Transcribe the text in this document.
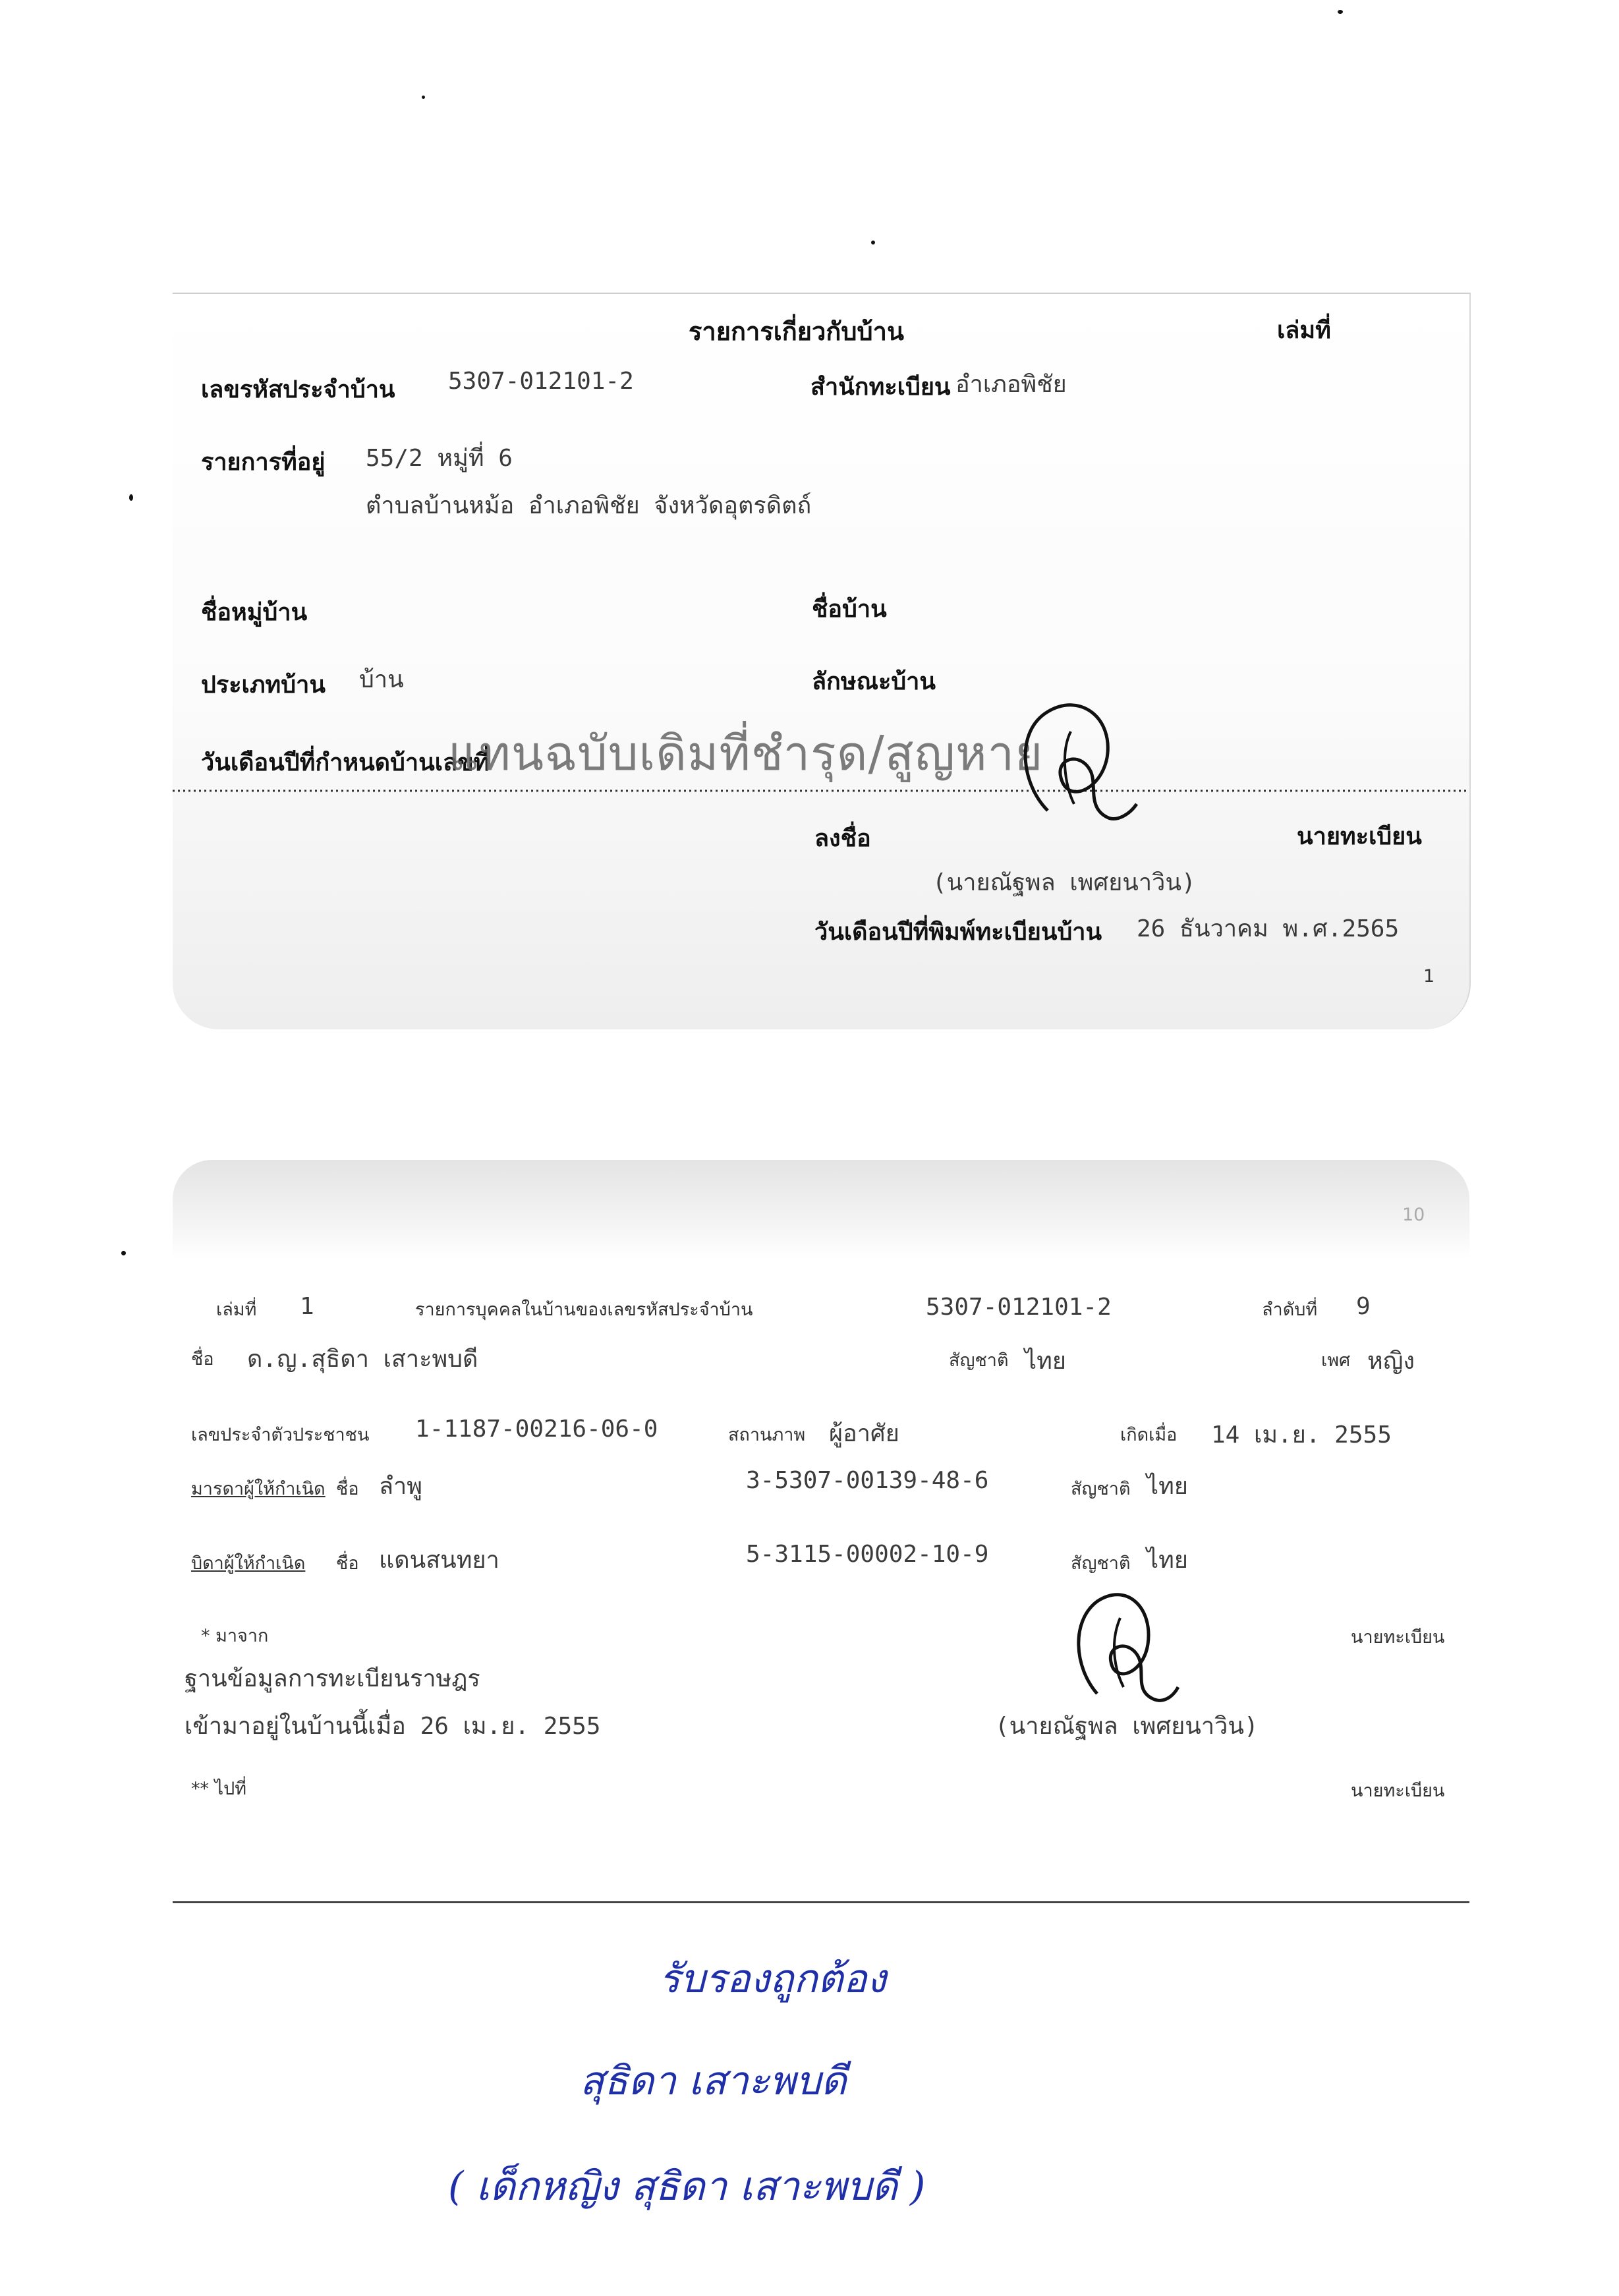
รายการเกี่ยวกับบ้าน	เล่มที่
เลขรหัสประจำบ้าน 5307-012101-2	สำนักทะเบียน อำเภอพิชัย
รายการที่อยู่ 55/2 หมู่ที่ 6
ตำบลบ้านหม้อ อำเภอพิชัย จังหวัดอุตรดิตถ์
ชื่อหมู่บ้าน	ชื่อบ้าน
ประเภทบ้าน บ้าน	ลักษณะบ้าน
วันเดือนปีที่กำหนดบ้านเลขที่
แทนฉบับเดิมที่ชำรุด/สูญหาย
ลงชื่อ	นายทะเบียน
(นายณัฐพล เพศยนาวิน)
วันเดือนปีที่พิมพ์ทะเบียนบ้าน 26 ธันวาคม พ.ศ.2565
1
10
เล่มที่ 1	รายการบุคคลในบ้านของเลขรหัสประจำบ้าน	5307-012101-2	ลำดับที่ 9
ชื่อ ด.ญ.สุธิดา เสาะพบดี	สัญชาติ ไทย	เพศ หญิง
เลขประจำตัวประชาชน 1-1187-00216-06-0	สถานภาพ ผู้อาศัย	เกิดเมื่อ 14 เม.ย. 2555
มารดาผู้ให้กำเนิด ชื่อ ลำพู	3-5307-00139-48-6	สัญชาติ ไทย
บิดาผู้ให้กำเนิด ชื่อ แดนสนทยา	5-3115-00002-10-9	สัญชาติ ไทย
* มาจาก	นายทะเบียน
ฐานข้อมูลการทะเบียนราษฎร
เข้ามาอยู่ในบ้านนี้เมื่อ 26 เม.ย. 2555	(นายณัฐพล เพศยนาวิน)
** ไปที่	นายทะเบียน
รับรองถูกต้อง
สุธิดา เสาะพบดี
( เด็กหญิง สุธิดา เสาะพบดี )
